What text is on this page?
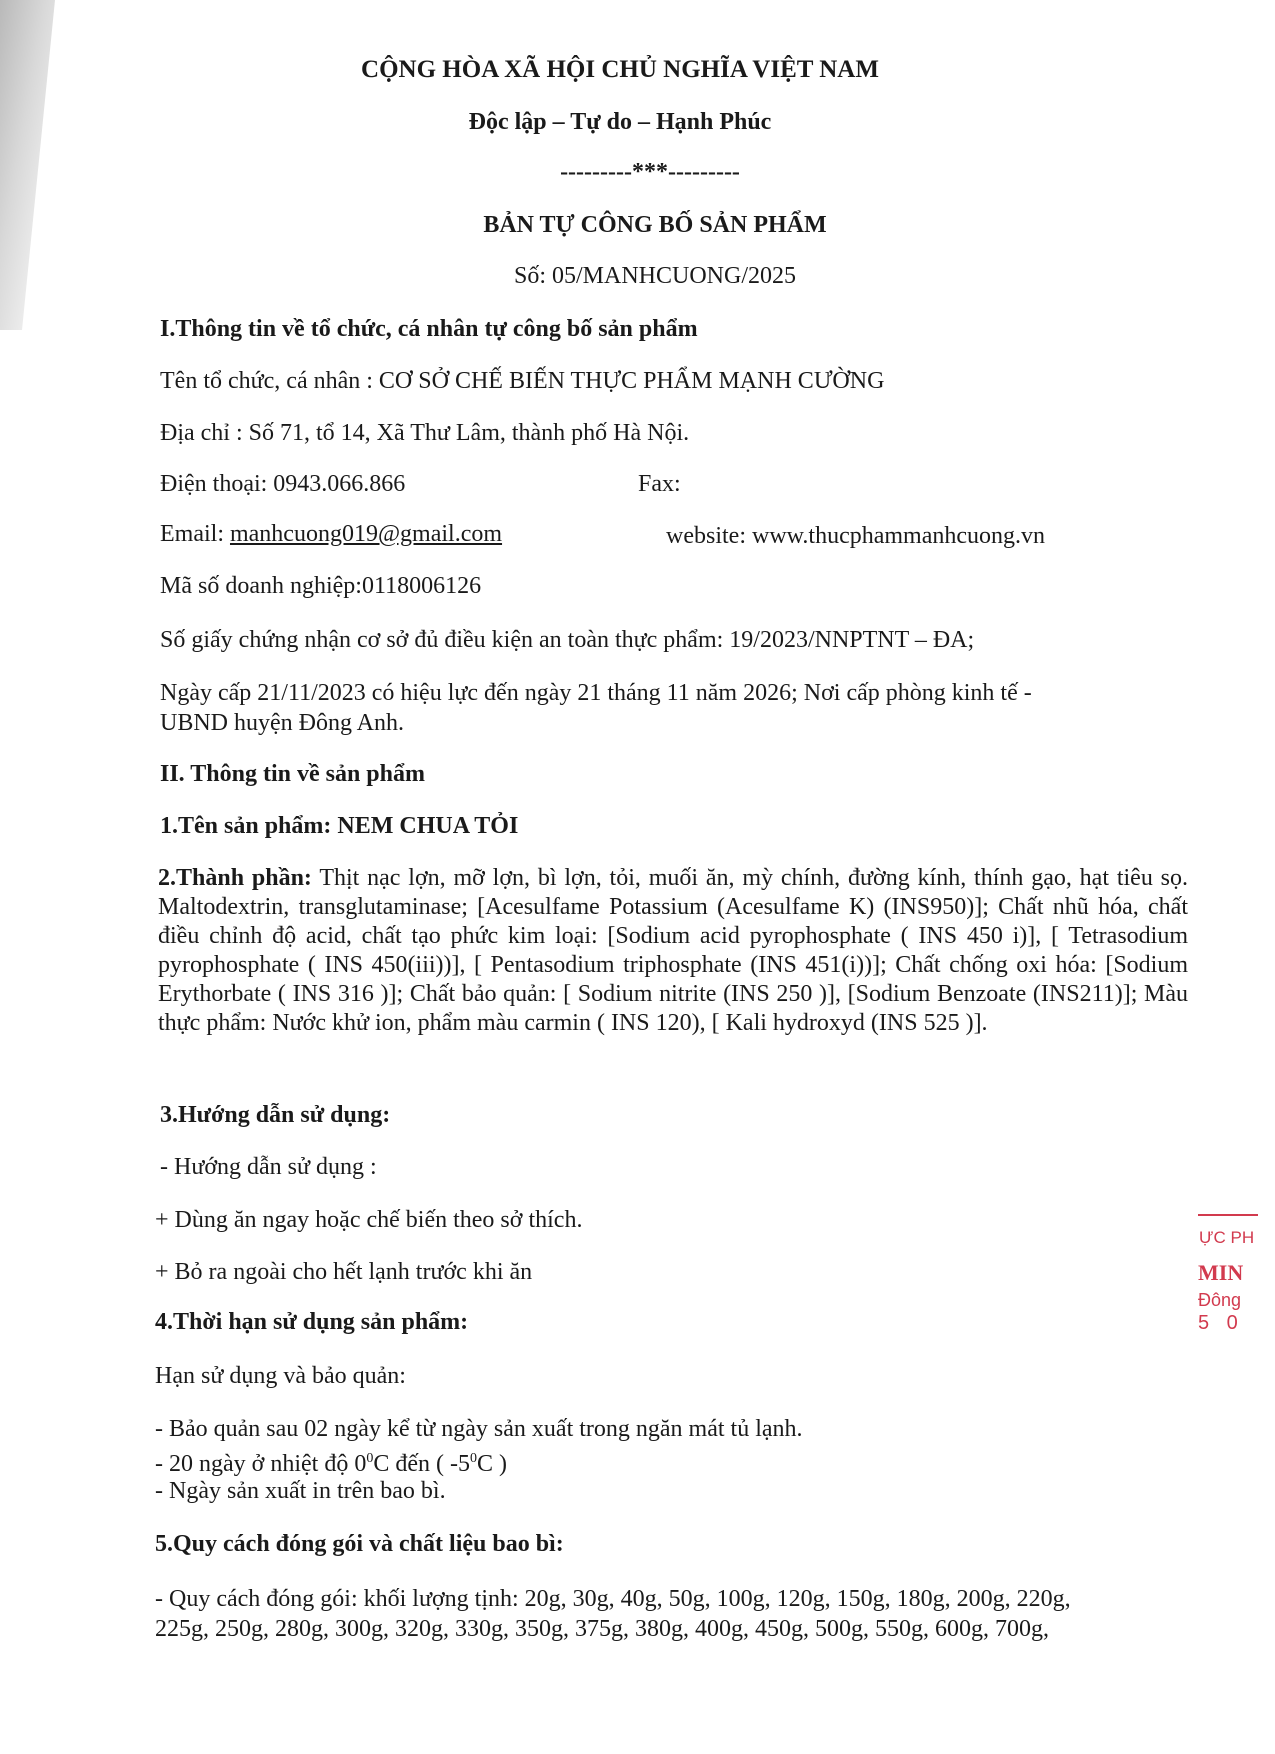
CỘNG HÒA XÃ HỘI CHỦ NGHĨA VIỆT NAM
Độc lập – Tự do – Hạnh Phúc
---------***---------
BẢN TỰ CÔNG BỐ SẢN PHẨM
Số: 05/MANHCUONG/2025
I.Thông tin về tổ chức, cá nhân tự công bố sản phẩm
Tên tổ chức, cá nhân : CƠ SỞ CHẾ BIẾN THỰC PHẨM MẠNH CƯỜNG
Địa chỉ : Số 71, tổ 14, Xã Thư Lâm, thành phố Hà Nội.
Điện thoại: 0943.066.866	Fax:
Email: manhcuong019@gmail.com	website: www.thucphammanhcuong.vn
Mã số doanh nghiệp:0118006126
Số giấy chứng nhận cơ sở đủ điều kiện an toàn thực phẩm: 19/2023/NNPTNT – ĐA;
Ngày cấp 21/11/2023 có hiệu lực đến ngày 21 tháng 11 năm 2026; Nơi cấp phòng kinh tế -
UBND huyện Đông Anh.
II. Thông tin về sản phẩm
1.Tên sản phẩm: NEM CHUA TỎI
2.Thành phần: Thịt nạc lợn, mỡ lợn, bì lợn, tỏi, muối ăn, mỳ chính, đường kính, thính gạo, hạt tiêu sọ. Maltodextrin, transglutaminase; [Acesulfame Potassium (Acesulfame K) (INS950)]; Chất nhũ hóa, chất điều chỉnh độ acid, chất tạo phức kim loại: [Sodium acid pyrophosphate ( INS 450 i)], [ Tetrasodium pyrophosphate ( INS 450(iii))], [ Pentasodium triphosphate (INS 451(i))]; Chất chống oxi hóa: [Sodium Erythorbate ( INS 316 )]; Chất bảo quản: [ Sodium nitrite (INS 250 )], [Sodium Benzoate (INS211)]; Màu thực phẩm: Nước khử ion, phẩm màu carmin ( INS 120), [ Kali hydroxyd (INS 525 )].
3.Hướng dẫn sử dụng:
- Hướng dẫn sử dụng :
+ Dùng ăn ngay hoặc chế biến theo sở thích.
+ Bỏ ra ngoài cho hết lạnh trước khi ăn
4.Thời hạn sử dụng sản phẩm:
Hạn sử dụng và bảo quản:
- Bảo quản sau 02 ngày kể từ ngày sản xuất trong ngăn mát tủ lạnh.
- 20 ngày ở nhiệt độ $0^0C$ đến ( $-5^0C$ )
- Ngày sản xuất in trên bao bì.
5.Quy cách đóng gói và chất liệu bao bì:
- Quy cách đóng gói: khối lượng tịnh: 20g, 30g, 40g, 50g, 100g, 120g, 150g, 180g, 200g, 220g,
225g, 250g, 280g, 300g, 320g, 330g, 350g, 375g, 380g, 400g, 450g, 500g, 550g, 600g, 700g,
ỰC PH
MIN
Đông
5 0
